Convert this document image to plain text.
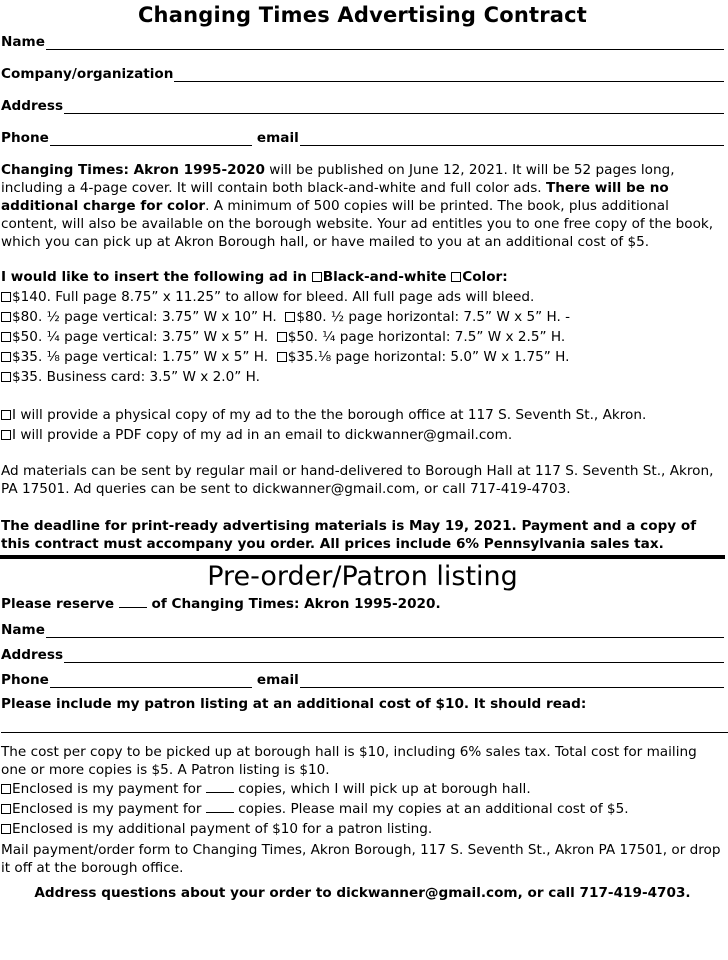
Changing Times Advertising Contract
Name
Company/organization
Address
Phone	email

Changing Times: Akron 1995-2020 will be published on June 12, 2021. It will be 52 pages long, including a 4-page cover. It will contain both black-and-white and full color ads. There will be no additional charge for color. A minimum of 500 copies will be printed. The book, plus additional content, will also be available on the borough website. Your ad entitles you to one free copy of the book, which you can pick up at Akron Borough hall, or have mailed to you at an additional cost of $5.

I would like to insert the following ad in Black-and-white Color:
$140. Full page 8.75” x 11.25” to allow for bleed. All full page ads will bleed.
$80. ½ page vertical: 3.75” W x 10” H. $80. ½ page horizontal: 7.5” W x 5” H. -
$50. ¼ page vertical: 3.75” W x 5” H. $50. ¼ page horizontal: 7.5” W x 2.5” H.
$35. ⅛ page vertical: 1.75” W x 5” H. $35.⅛ page horizontal: 5.0” W x 1.75” H.
$35. Business card: 3.5” W x 2.0” H.
I will provide a physical copy of my ad to the the borough office at 117 S. Seventh St., Akron.
I will provide a PDF copy of my ad in an email to dickwanner@gmail.com.

Ad materials can be sent by regular mail or hand-delivered to Borough Hall at 117 S. Seventh St., Akron, PA 17501. Ad queries can be sent to dickwanner@gmail.com, or call 717-419-4703.

The deadline for print-ready advertising materials is May 19, 2021. Payment and a copy of this contract must accompany you order. All prices include 6% Pennsylvania sales tax.

Pre-order/Patron listing
Please reserve  of Changing Times: Akron 1995-2020.
Name
Address
Phone	email
Please include my patron listing at an additional cost of $10. It should read:

The cost per copy to be picked up at borough hall is $10, including 6% sales tax. Total cost for mailing one or more copies is $5. A Patron listing is $10.

Enclosed is my payment for  copies, which I will pick up at borough hall.
Enclosed is my payment for  copies. Please mail my copies at an additional cost of $5.
Enclosed is my additional payment of $10 for a patron listing.

Mail payment/order form to Changing Times, Akron Borough, 117 S. Seventh St., Akron PA 17501, or drop it off at the borough office.

Address questions about your order to dickwanner@gmail.com, or call 717-419-4703.
